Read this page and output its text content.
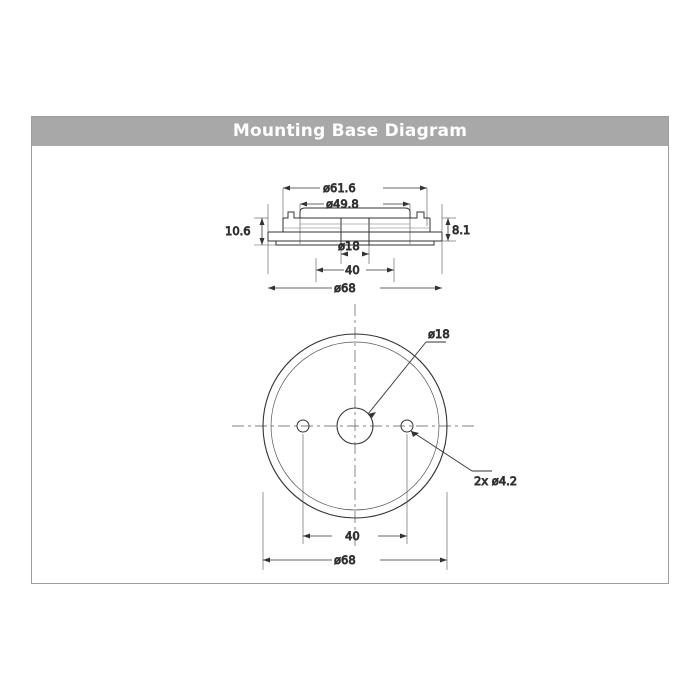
Mounting Base Diagram
ø61.6
ø49.8
10.6	8.1
ø18
40
ø68
ø18
2x ø4.2
40
ø68
